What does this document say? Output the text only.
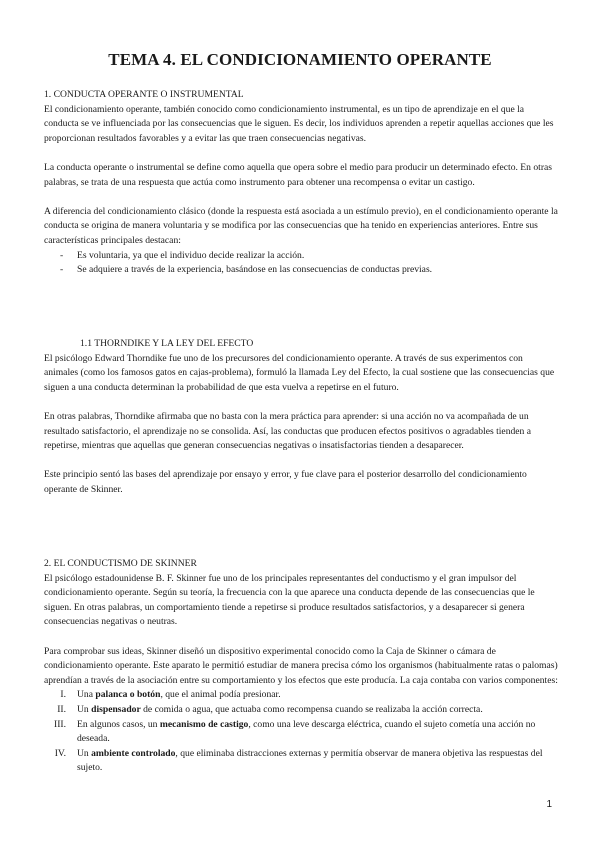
TEMA 4. EL CONDICIONAMIENTO OPERANTE
1. CONDUCTA OPERANTE O INSTRUMENTAL

El condicionamiento operante, también conocido como condicionamiento instrumental, es un tipo de aprendizaje en el que la conducta se ve influenciada por las consecuencias que le siguen. Es decir, los individuos aprenden a repetir aquellas acciones que les proporcionan resultados favorables y a evitar las que traen consecuencias negativas.

La conducta operante o instrumental se define como aquella que opera sobre el medio para producir un determinado efecto. En otras palabras, se trata de una respuesta que actúa como instrumento para obtener una recompensa o evitar un castigo.

A diferencia del condicionamiento clásico (donde la respuesta está asociada a un estímulo previo), en el condicionamiento operante la conducta se origina de manera voluntaria y se modifica por las consecuencias que ha tenido en experiencias anteriores. Entre sus características principales destacan:

- Es voluntaria, ya que el individuo decide realizar la acción.
- Se adquiere a través de la experiencia, basándose en las consecuencias de conductas previas.
1.1 THORNDIKE Y LA LEY DEL EFECTO

El psicólogo Edward Thorndike fue uno de los precursores del condicionamiento operante. A través de sus experimentos con animales (como los famosos gatos en cajas-problema), formuló la llamada Ley del Efecto, la cual sostiene que las consecuencias que siguen a una conducta determinan la probabilidad de que esta vuelva a repetirse en el futuro.

En otras palabras, Thorndike afirmaba que no basta con la mera práctica para aprender: si una acción no va acompañada de un resultado satisfactorio, el aprendizaje no se consolida. Así, las conductas que producen efectos positivos o agradables tienden a repetirse, mientras que aquellas que generan consecuencias negativas o insatisfactorias tienden a desaparecer.

Este principio sentó las bases del aprendizaje por ensayo y error, y fue clave para el posterior desarrollo del condicionamiento operante de Skinner.

2. EL CONDUCTISMO DE SKINNER

El psicólogo estadounidense B. F. Skinner fue uno de los principales representantes del conductismo y el gran impulsor del condicionamiento operante. Según su teoría, la frecuencia con la que aparece una conducta depende de las consecuencias que le siguen. En otras palabras, un comportamiento tiende a repetirse si produce resultados satisfactorios, y a desaparecer si genera consecuencias negativas o neutras.

Para comprobar sus ideas, Skinner diseñó un dispositivo experimental conocido como la Caja de Skinner o cámara de condicionamiento operante. Este aparato le permitió estudiar de manera precisa cómo los organismos (habitualmente ratas o palomas) aprendían a través de la asociación entre su comportamiento y los efectos que este producía. La caja contaba con varios componentes:

I. Una palanca o botón, que el animal podía presionar.
II. Un dispensador de comida o agua, que actuaba como recompensa cuando se realizaba la acción correcta.
III. En algunos casos, un mecanismo de castigo, como una leve descarga eléctrica, cuando el sujeto cometía una acción no deseada.
IV. Un ambiente controlado, que eliminaba distracciones externas y permitía observar de manera objetiva las respuestas del sujeto.
1
